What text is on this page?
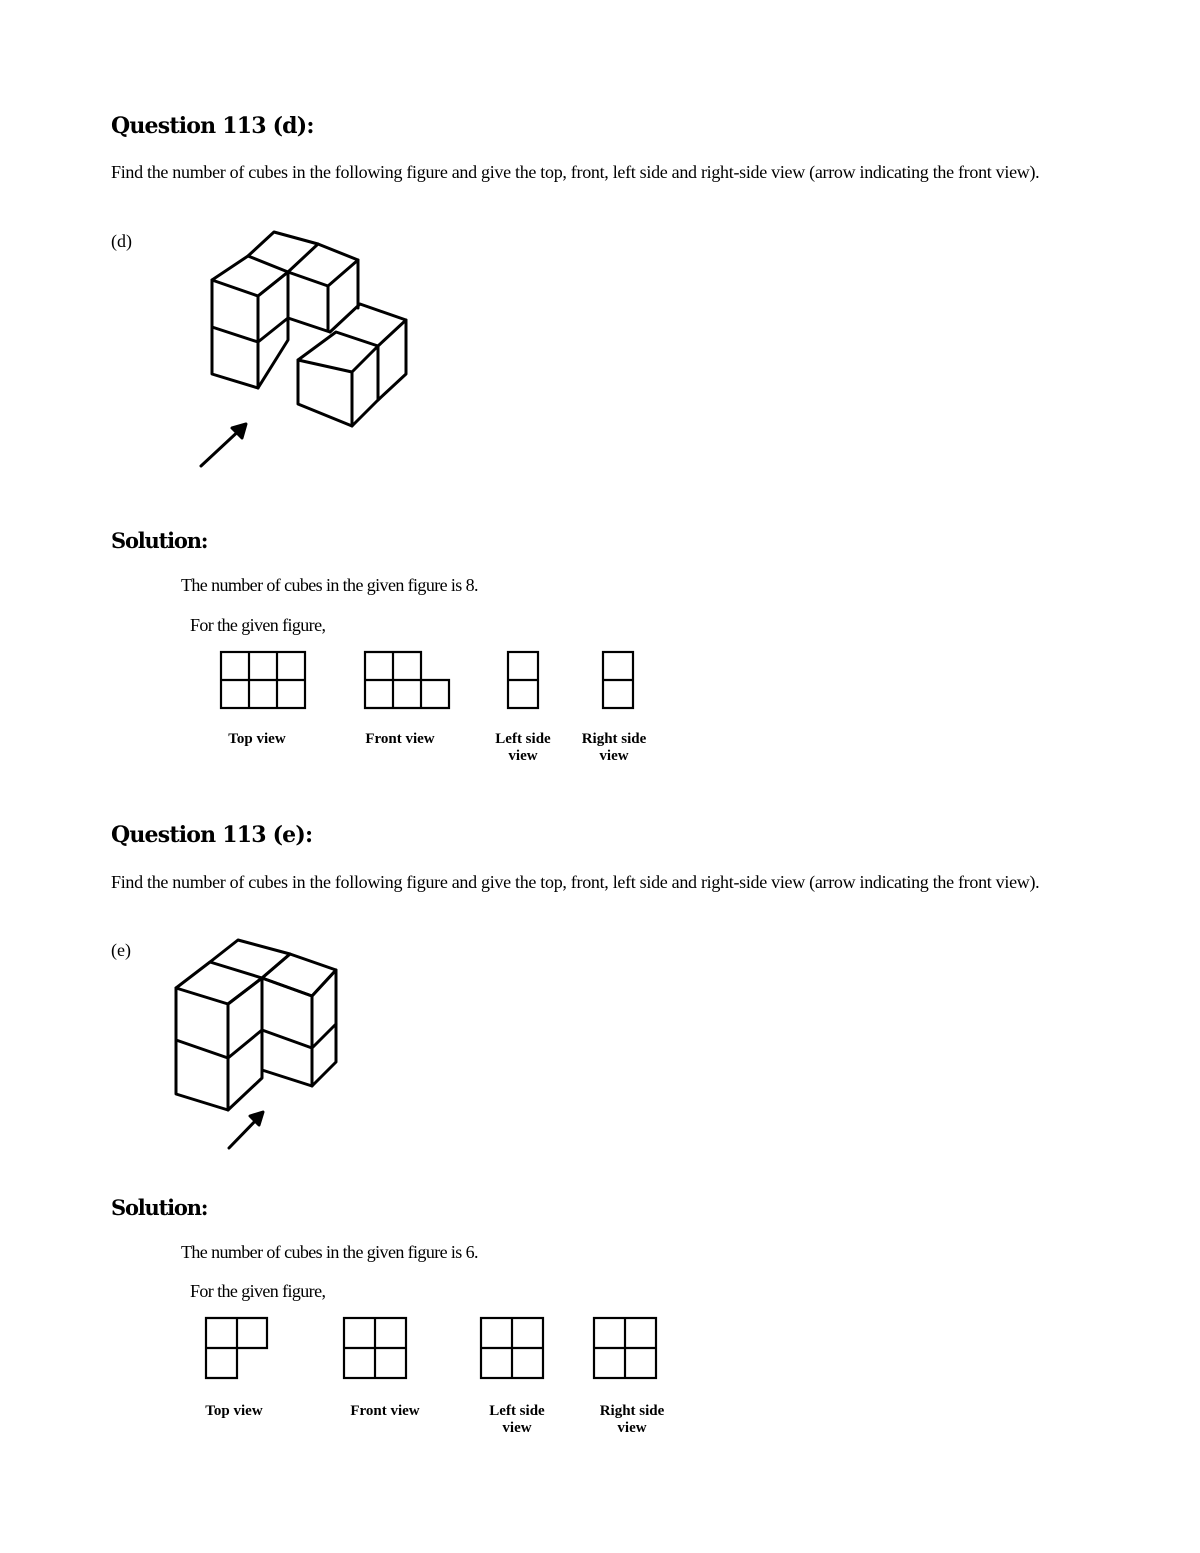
Question 113 (d):
Find the number of cubes in the following figure and give the top, front, left side and right-side view (arrow indicating the front view).
(d)
Solution:
The number of cubes in the given figure is 8.
For the given figure,
Top view	Front view	Left side view
Right side view
Question 113 (e):
Find the number of cubes in the following figure and give the top, front, left side and right-side view (arrow indicating the front view).
(e)
Solution:
The number of cubes in the given figure is 6.
For the given figure,
Top view	Front view	Left side view
Right side view
